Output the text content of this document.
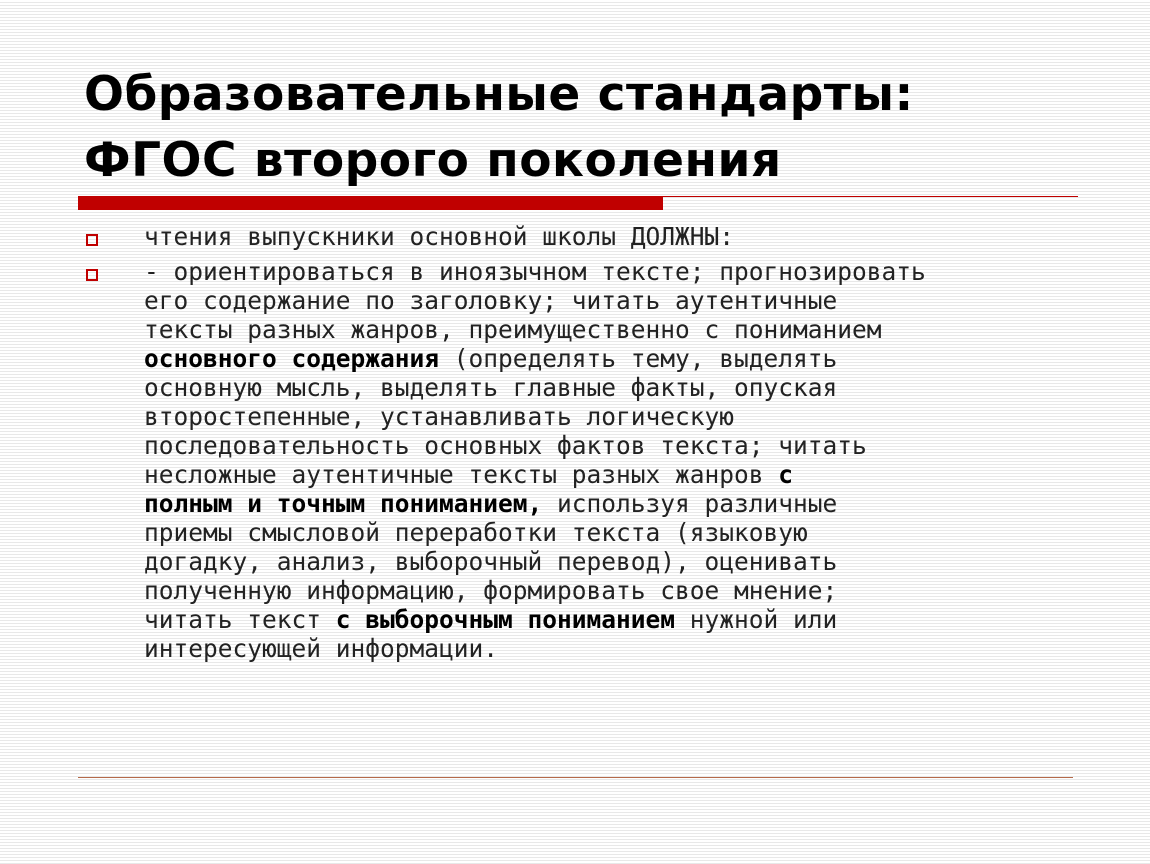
Образовательные стандарты:
ФГОС второго поколения
чтения выпускники основной школы ДОЛЖНЫ:
- ориентироваться в иноязычном тексте; прогнозировать
его содержание по заголовку; читать аутентичные
тексты разных жанров, преимущественно с пониманием
основного содержания (определять тему, выделять
основную мысль, выделять главные факты, опуская
второстепенные, устанавливать логическую
последовательность основных фактов текста; читать
несложные аутентичные тексты разных жанров с
полным и точным пониманием, используя различные
приемы смысловой переработки текста (языковую
догадку, анализ, выборочный перевод), оценивать
полученную информацию, формировать свое мнение;
читать текст с выборочным пониманием нужной или
интересующей информации.
